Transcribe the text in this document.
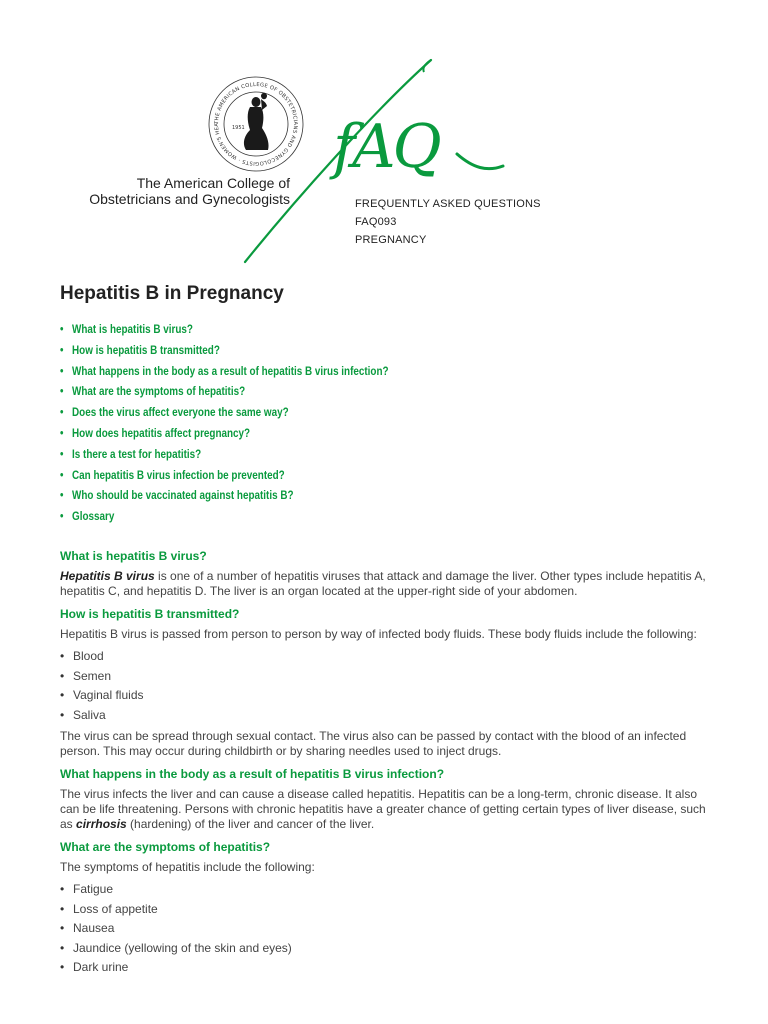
THE AMERICAN COLLEGE OF OBSTETRICIANS AND GYNECOLOGISTS · WOMEN'S HEA
1951
The American College of
Obstetricians and Gynecologists
fAQ
FREQUENTLY ASKED QUESTIONS
FAQ093
PREGNANCY
Hepatitis B in Pregnancy
• What is hepatitis B virus?
• How is hepatitis B transmitted?
• What happens in the body as a result of hepatitis B virus infection?
• What are the symptoms of hepatitis?
• Does the virus affect everyone the same way?
• How does hepatitis affect pregnancy?
• Is there a test for hepatitis?
• Can hepatitis B virus infection be prevented?
• Who should be vaccinated against hepatitis B?
• Glossary
What is hepatitis B virus?

Hepatitis B virus is one of a number of hepatitis viruses that attack and damage the liver. Other types include hepatitis A, hepatitis C, and hepatitis D. The liver is an organ located at the upper-right side of your abdomen.

How is hepatitis B transmitted?

Hepatitis B virus is passed from person to person by way of infected body fluids. These body fluids include the following:

• Blood
• Semen
• Vaginal fluids
• Saliva

The virus can be spread through sexual contact. The virus also can be passed by contact with the blood of an infected person. This may occur during childbirth or by sharing needles used to inject drugs.

What happens in the body as a result of hepatitis B virus infection?

The virus infects the liver and can cause a disease called hepatitis. Hepatitis can be a long-term, chronic disease. It also can be life threatening. Persons with chronic hepatitis have a greater chance of getting certain types of liver disease, such as cirrhosis (hardening) of the liver and cancer of the liver.

What are the symptoms of hepatitis?

The symptoms of hepatitis include the following:

• Fatigue
• Loss of appetite
• Nausea
• Jaundice (yellowing of the skin and eyes)
• Dark urine
